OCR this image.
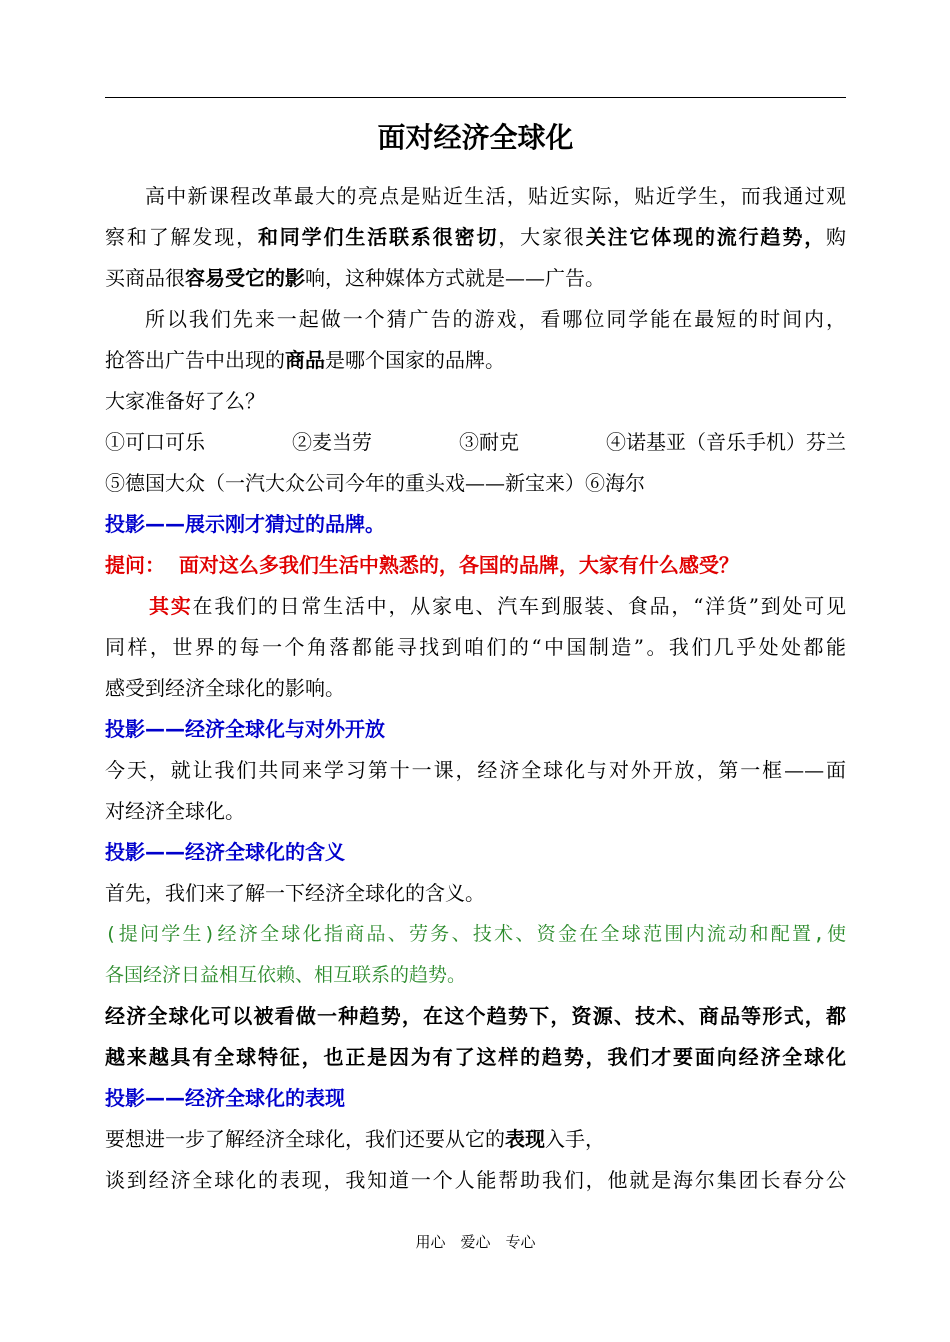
面对经济全球化
高中新课程改革最大的亮点是贴近生活，贴近实际，贴近学生，而我通过观
察和了解发现，和同学们生活联系很密切，大家很关注它体现的流行趋势，购
买商品很容易受它的影响，这种媒体方式就是——广告。
所以我们先来一起做一个猜广告的游戏，看哪位同学能在最短的时间内，
抢答出广告中出现的商品是哪个国家的品牌。
大家准备好了么？
①可口可乐	②麦当劳	③耐克	④诺基亚（音乐手机）芬兰
⑤德国大众（一汽大众公司今年的重头戏——新宝来）⑥海尔
投影——展示刚才猜过的品牌。
提问： 面对这么多我们生活中熟悉的，各国的品牌，大家有什么感受？
其实在我们的日常生活中，从家电、汽车到服装、食品，“洋货”到处可见
同样，世界的每一个角落都能寻找到咱们的“中国制造”。我们几乎处处都能
感受到经济全球化的影响。
投影——经济全球化与对外开放
今天，就让我们共同来学习第十一课，经济全球化与对外开放，第一框——面
对经济全球化。
投影——经济全球化的含义
首先，我们来了解一下经济全球化的含义。
(提问学生)经济全球化指商品、劳务、技术、资金在全球范围内流动和配置,使
各国经济日益相互依赖、相互联系的趋势。
经济全球化可以被看做一种趋势，在这个趋势下，资源、技术、商品等形式，都
越来越具有全球特征，也正是因为有了这样的趋势，我们才要面向经济全球化
投影——经济全球化的表现
要想进一步了解经济全球化，我们还要从它的表现入手，
谈到经济全球化的表现，我知道一个人能帮助我们，他就是海尔集团长春分公
用心　爱心　专心
